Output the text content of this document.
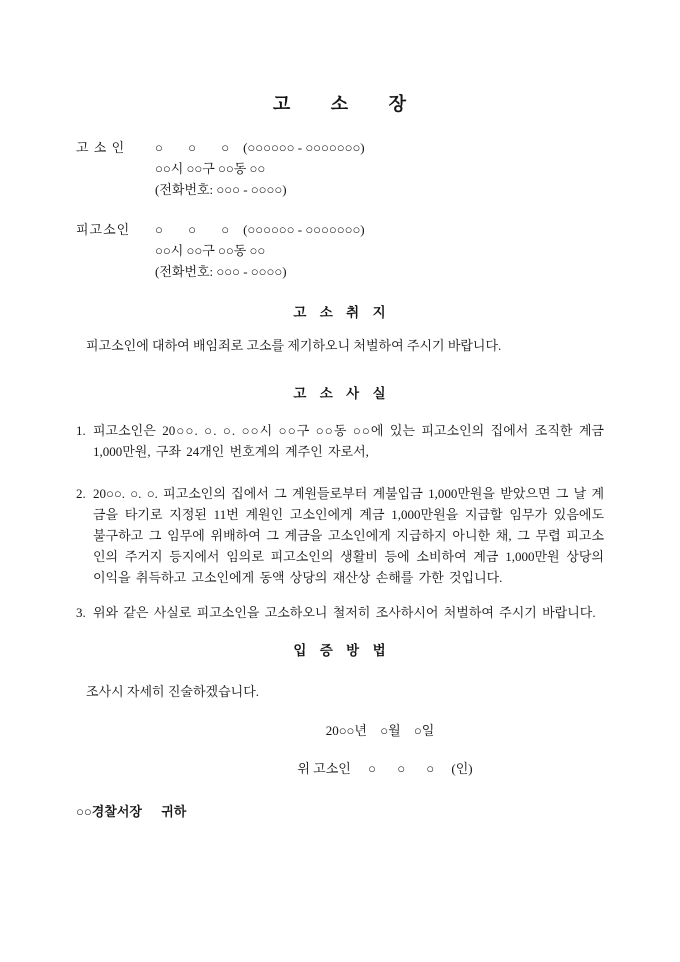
고 소 장
고 소 인	○ ○ ○ (○○○○○○ - ○○○○○○○)
○○시 ○○구 ○○동 ○○
(전화번호: ○○○ - ○○○○)
피고소인	○ ○ ○ (○○○○○○ - ○○○○○○○)
○○시 ○○구 ○○동 ○○
(전화번호: ○○○ - ○○○○)
고 소 취 지

피고소인에 대하여 배임죄로 고소를 제기하오니 처벌하여 주시기 바랍니다.

고 소 사 실
1. 피고소인은 20○○. ○. ○. ○○시 ○○구 ○○동 ○○에 있는 피고소인의 집에서 조직한 계금 1,000만원, 구좌 24개인 번호계의 계주인 자로서,
2. 20○○. ○. ○. 피고소인의 집에서 그 계원들로부터 계불입금 1,000만원을 받았으면 그 날 계금을 타기로 지정된 11번 계원인 고소인에게 계금 1,000만원을 지급할 임무가 있음에도 불구하고 그 임무에 위배하여 그 계금을 고소인에게 지급하지 아니한 채, 그 무렵 피고소인의 주거지 등지에서 임의로 피고소인의 생활비 등에 소비하여 계금 1,000만원 상당의 이익을 취득하고 고소인에게 동액 상당의 재산상 손해를 가한 것입니다.
3. 위와 같은 사실로 피고소인을 고소하오니 철저히 조사하시어 처벌하여 주시기 바랍니다.
입 증 방 법

조사시 자세히 진술하겠습니다.

20○○년 ○월 ○일
위 고소인 ○ ○ ○ (인)
○○경찰서장 귀하
